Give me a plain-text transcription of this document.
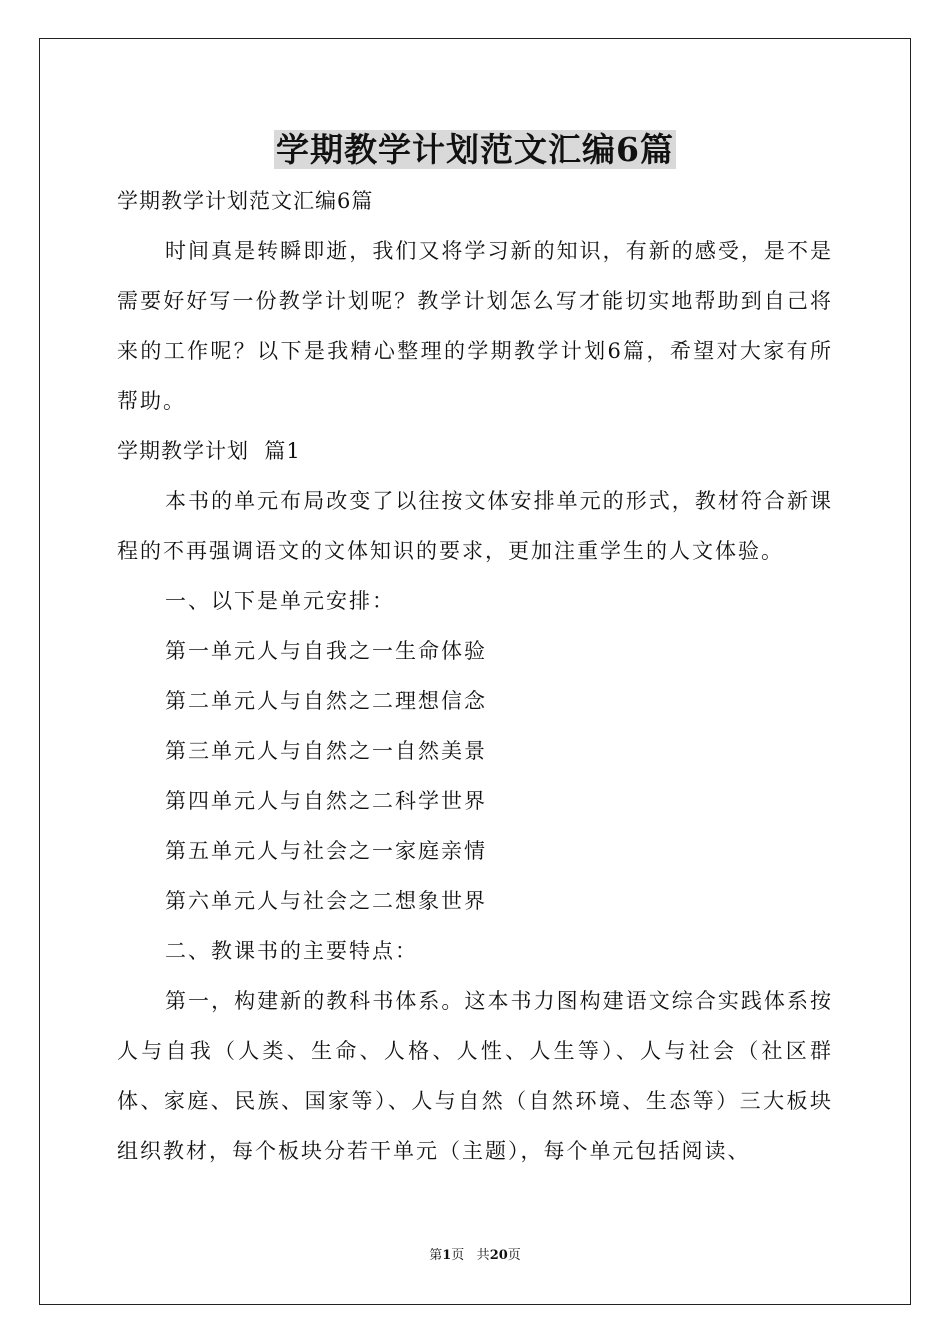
学期教学计划范文汇编6篇

学期教学计划范文汇编6篇

时间真是转瞬即逝，我们又将学习新的知识，有新的感受，是不是需要好好写一份教学计划呢？教学计划怎么写才能切实地帮助到自己将来的工作呢？以下是我精心整理的学期教学计划6篇，希望对大家有所帮助。

学期教学计划  篇1

本书的单元布局改变了以往按文体安排单元的形式，教材符合新课程的不再强调语文的文体知识的要求，更加注重学生的人文体验。

一、以下是单元安排：

第一单元人与自我之一生命体验

第二单元人与自然之二理想信念

第三单元人与自然之一自然美景

第四单元人与自然之二科学世界

第五单元人与社会之一家庭亲情

第六单元人与社会之二想象世界

二、教课书的主要特点：

第一，构建新的教科书体系。这本书力图构建语文综合实践体系按人与自我（人类、生命、人格、人性、人生等）、人与社会（社区群体、家庭、民族、国家等）、人与自然（自然环境、生态等）三大板块组织教材，每个板块分若干单元（主题），每个单元包括阅读、

第1页 共20页
